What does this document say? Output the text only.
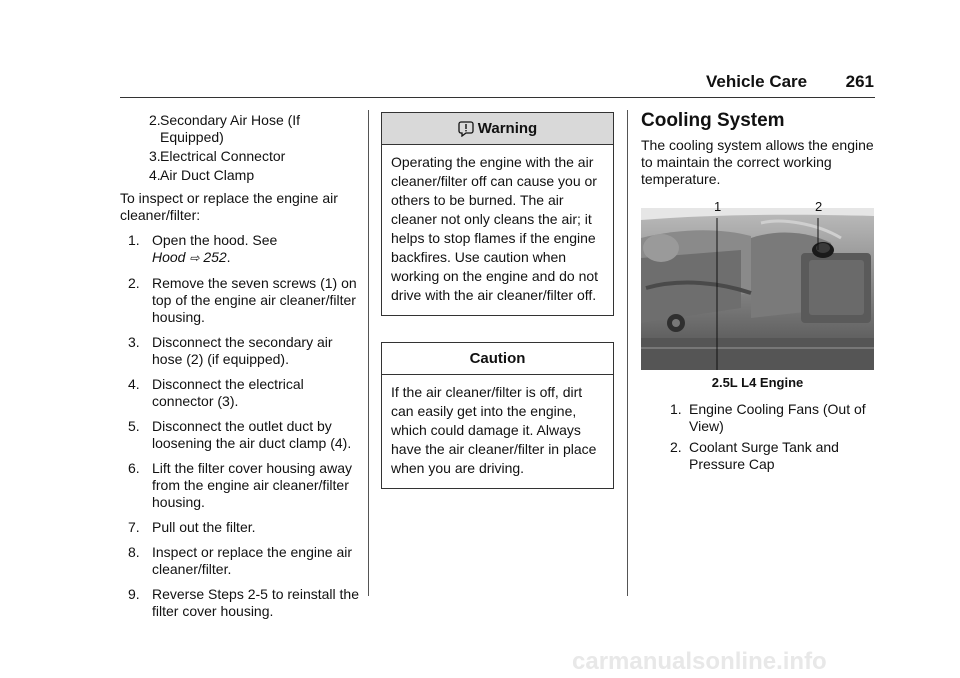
Vehicle Care 261
2. Secondary Air Hose (If Equipped)
3. Electrical Connector
4. Air Duct Clamp

To inspect or replace the engine air cleaner/filter:

1. Open the hood. See
Hood ⇨ 252.
2. Remove the seven screws (1) on top of the engine air cleaner/filter housing.
3. Disconnect the secondary air hose (2) (if equipped).
4. Disconnect the electrical connector (3).
5. Disconnect the outlet duct by loosening the air duct clamp (4).
6. Lift the filter cover housing away from the engine air cleaner/filter housing.
7. Pull out the filter.
8. Inspect or replace the engine air cleaner/filter.
9. Reverse Steps 2-5 to reinstall the filter cover housing.
Warning
Operating the engine with the air cleaner/filter off can cause you or others to be burned. The air cleaner not only cleans the air; it helps to stop flames if the engine backfires. Use caution when working on the engine and do not drive with the air cleaner/filter off.
Caution
If the air cleaner/filter is off, dirt can easily get into the engine, which could damage it. Always have the air cleaner/filter in place when you are driving.
Cooling System

The cooling system allows the engine to maintain the correct working temperature.

1	2
2.5L L4 Engine
1. Engine Cooling Fans (Out of View)
2. Coolant Surge Tank and Pressure Cap
carmanualsonline.info
